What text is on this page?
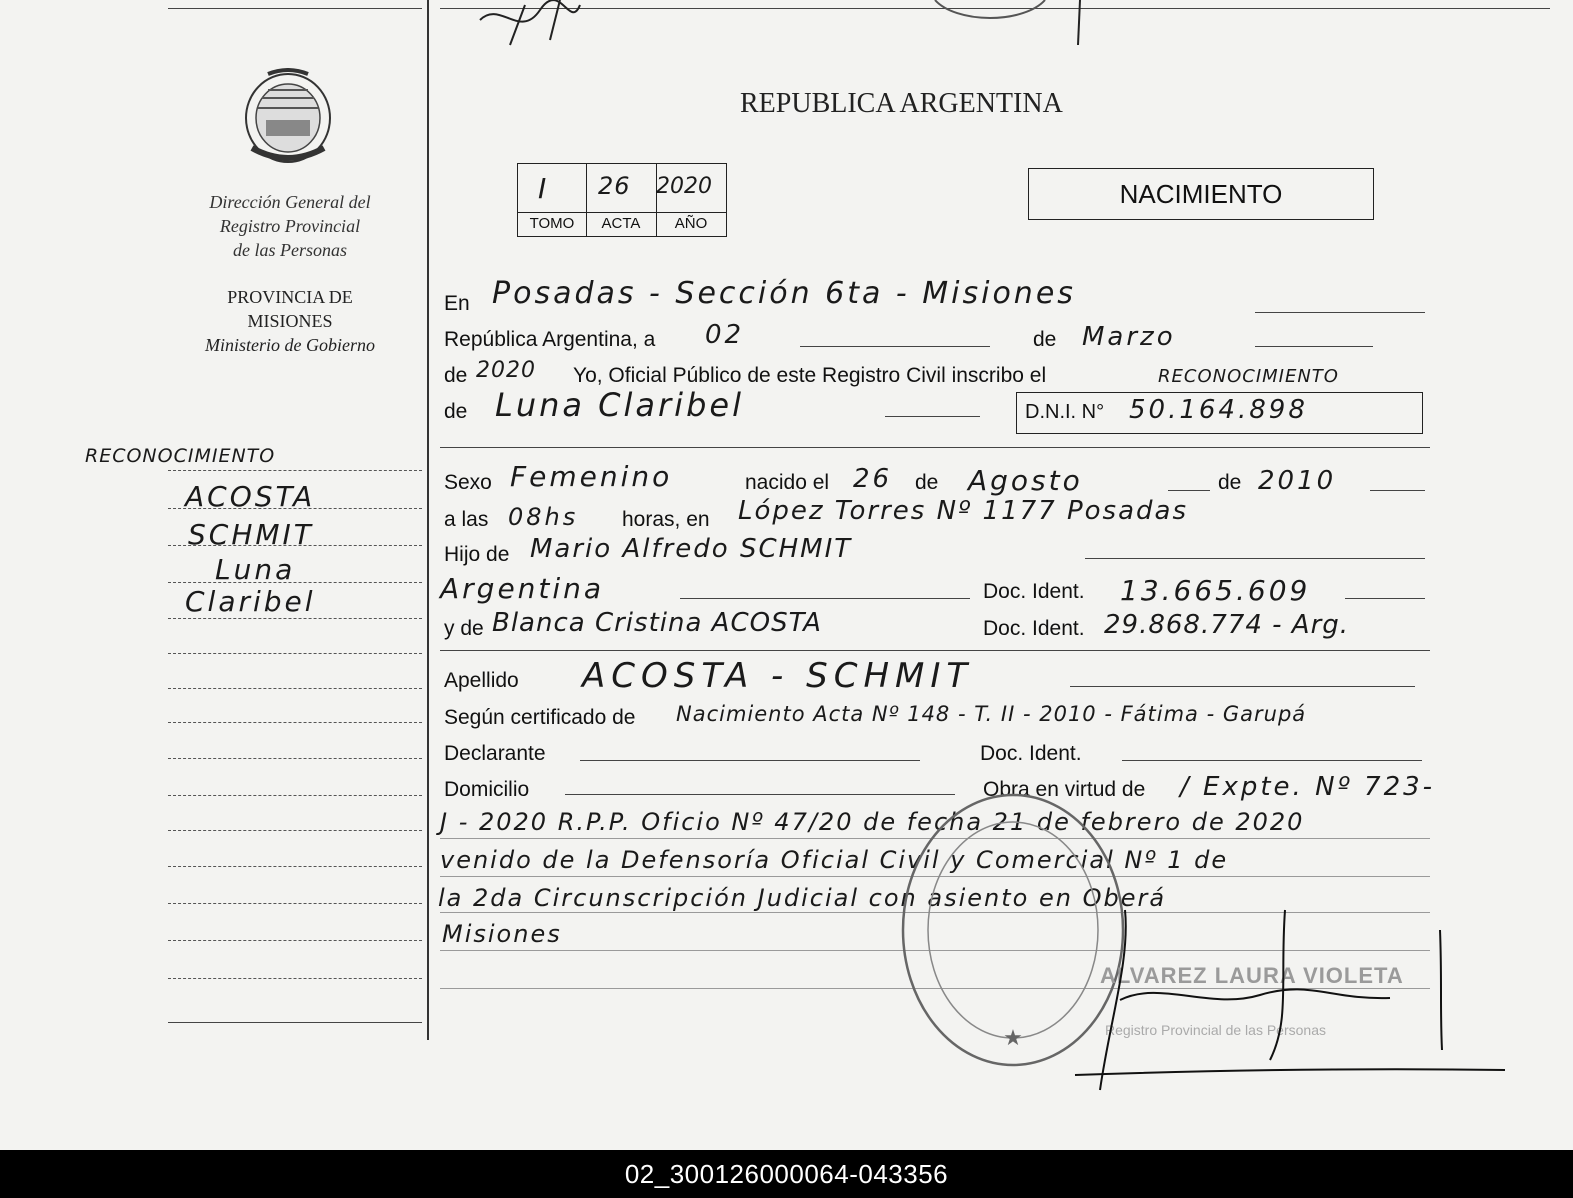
Dirección General del
Registro Provincial
de las Personas
PROVINCIA DE
MISIONES
Ministerio de Gobierno
RECONOCIMIENTO
ACOSTA
SCHMIT
Luna
Claribel
REPUBLICA ARGENTINA
NACIMIENTO
I 26 2020
TOMO	ACTA	AÑO
En Posadas - Sección 6ta - Misiones
República Argentina, a 02	de Marzo
de 2020 Yo, Oficial Público de este Registro Civil inscribo el	RECONOCIMIENTO
de Luna Claribel	D.N.I. N° 50.164.898
Sexo Femenino	nacido el 26 de Agosto	de 2010
a las 08hs horas, en López Torres Nº 1177 Posadas
Hijo de Mario Alfredo SCHMIT
Argentina	Doc. Ident. 13.665.609
y de Blanca Cristina ACOSTA	Doc. Ident. 29.868.774 - Arg.
Apellido ACOSTA - SCHMIT
Según certificado de Nacimiento Acta Nº 148 - T. II - 2010 - Fátima - Garupá
Declarante	Doc. Ident.
Domicilio	Obra en virtud de / Expte. Nº 723-
J - 2020 R.P.P. Oficio Nº 47/20 de fecha 21 de febrero de 2020
venido de la Defensoría Oficial Civil y Comercial Nº 1 de
la 2da Circunscripción Judicial con asiento en Oberá
Misiones
★
ALVAREZ LAURA VIOLETA
Registro Provincial de las Personas
02_300126000064-043356
